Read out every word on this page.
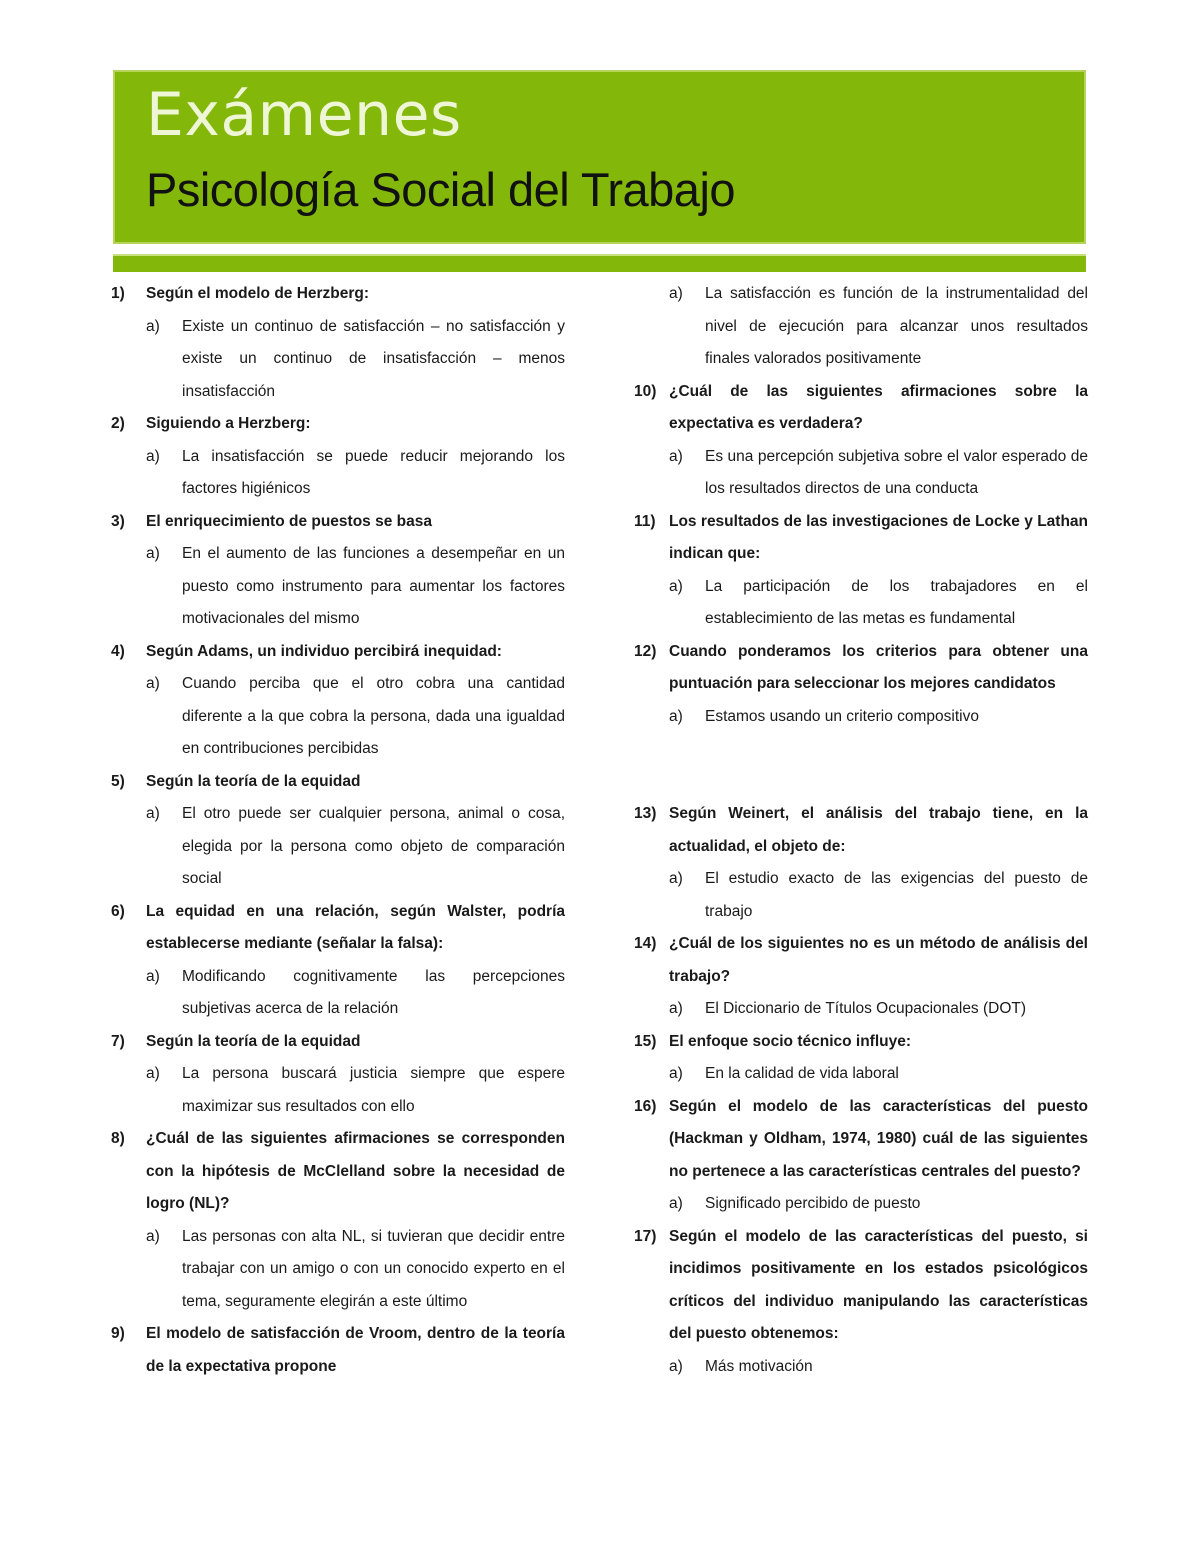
Exámenes
Psicología Social del Trabajo
1) Según el modelo de Herzberg:
a) Existe un continuo de satisfacción – no satisfacción y existe un continuo de insatisfacción – menos insatisfacción
2) Siguiendo a Herzberg:
a) La insatisfacción se puede reducir mejorando los factores higiénicos
3) El enriquecimiento de puestos se basa
a) En el aumento de las funciones a desempeñar en un puesto como instrumento para aumentar los factores motivacionales del mismo
4) Según Adams, un individuo percibirá inequidad:
a) Cuando perciba que el otro cobra una cantidad diferente a la que cobra la persona, dada una igualdad en contribuciones percibidas
5) Según la teoría de la equidad
a) El otro puede ser cualquier persona, animal o cosa, elegida por la persona como objeto de comparación social
6) La equidad en una relación, según Walster, podría establecerse mediante (señalar la falsa):
a) Modificando cognitivamente las percepciones subjetivas acerca de la relación
7) Según la teoría de la equidad
a) La persona buscará justicia siempre que espere maximizar sus resultados con ello
8) ¿Cuál de las siguientes afirmaciones se corresponden con la hipótesis de McClelland sobre la necesidad de logro (NL)?
a) Las personas con alta NL, si tuvieran que decidir entre trabajar con un amigo o con un conocido experto en el tema, seguramente elegirán a este último
9) El modelo de satisfacción de Vroom, dentro de la teoría de la expectativa propone
a) La satisfacción es función de la instrumentalidad del nivel de ejecución para alcanzar unos resultados finales valorados positivamente
10) ¿Cuál de las siguientes afirmaciones sobre la expectativa es verdadera?
a) Es una percepción subjetiva sobre el valor esperado de los resultados directos de una conducta
11) Los resultados de las investigaciones de Locke y Lathan indican que:
a) La participación de los trabajadores en el establecimiento de las metas es fundamental
12) Cuando ponderamos los criterios para obtener una puntuación para seleccionar los mejores candidatos
a) Estamos usando un criterio compositivo
13) Según Weinert, el análisis del trabajo tiene, en la actualidad, el objeto de:
a) El estudio exacto de las exigencias del puesto de trabajo
14) ¿Cuál de los siguientes no es un método de análisis del trabajo?
a) El Diccionario de Títulos Ocupacionales (DOT)
15) El enfoque socio técnico influye:
a) En la calidad de vida laboral
16) Según el modelo de las características del puesto (Hackman y Oldham, 1974, 1980) cuál de las siguientes no pertenece a las características centrales del puesto?
a) Significado percibido de puesto
17) Según el modelo de las características del puesto, si incidimos positivamente en los estados psicológicos críticos del individuo manipulando las características del puesto obtenemos:
a) Más motivación
